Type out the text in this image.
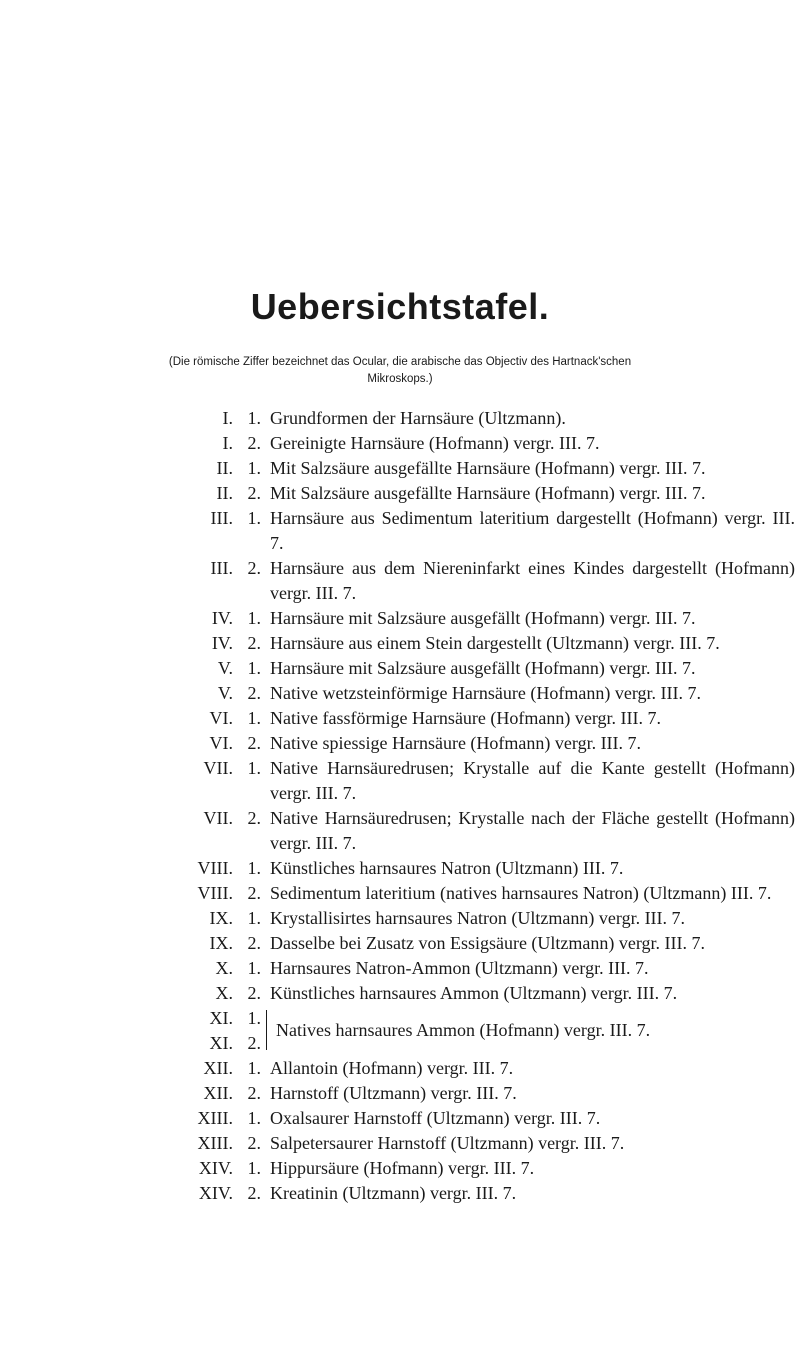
Uebersichtstafel.
(Die römische Ziffer bezeichnet das Ocular, die arabische das Objectiv des Hartnack'schen
Mikroskops.)
I. 1. Grundformen der Harnsäure (Ultzmann).
I. 2. Gereinigte Harnsäure (Hofmann) vergr. III. 7.
II. 1. Mit Salzsäure ausgefällte Harnsäure (Hofmann) vergr. III. 7.
II. 2. Mit Salzsäure ausgefällte Harnsäure (Hofmann) vergr. III. 7.
III. 1. Harnsäure aus Sedimentum lateritium dargestellt (Hofmann) vergr. III. 7.
III. 2. Harnsäure aus dem Niereninfarkt eines Kindes dargestellt (Hofmann) vergr. III. 7.
IV. 1. Harnsäure mit Salzsäure ausgefällt (Hofmann) vergr. III. 7.
IV. 2. Harnsäure aus einem Stein dargestellt (Ultzmann) vergr. III. 7.
V. 1. Harnsäure mit Salzsäure ausgefällt (Hofmann) vergr. III. 7.
V. 2. Native wetzsteinförmige Harnsäure (Hofmann) vergr. III. 7.
VI. 1. Native fassförmige Harnsäure (Hofmann) vergr. III. 7.
VI. 2. Native spiessige Harnsäure (Hofmann) vergr. III. 7.
VII. 1. Native Harnsäuredrusen; Krystalle auf die Kante gestellt (Hofmann) vergr. III. 7.
VII. 2. Native Harnsäuredrusen; Krystalle nach der Fläche gestellt (Hofmann) vergr. III. 7.
VIII. 1. Künstliches harnsaures Natron (Ultzmann) III. 7.
VIII. 2. Sedimentum lateritium (natives harnsaures Natron) (Ultzmann) III. 7.
IX. 1. Krystallisirtes harnsaures Natron (Ultzmann) vergr. III. 7.
IX. 2. Dasselbe bei Zusatz von Essigsäure (Ultzmann) vergr. III. 7.
X. 1. Harnsaures Natron-Ammon (Ultzmann) vergr. III. 7.
X. 2. Künstliches harnsaures Ammon (Ultzmann) vergr. III. 7.
XI. 1.
XI. 2.
Natives harnsaures Ammon (Hofmann) vergr. III. 7.
XII. 1. Allantoin (Hofmann) vergr. III. 7.
XII. 2. Harnstoff (Ultzmann) vergr. III. 7.
XIII. 1. Oxalsaurer Harnstoff (Ultzmann) vergr. III. 7.
XIII. 2. Salpetersaurer Harnstoff (Ultzmann) vergr. III. 7.
XIV. 1. Hippursäure (Hofmann) vergr. III. 7.
XIV. 2. Kreatinin (Ultzmann) vergr. III. 7.
